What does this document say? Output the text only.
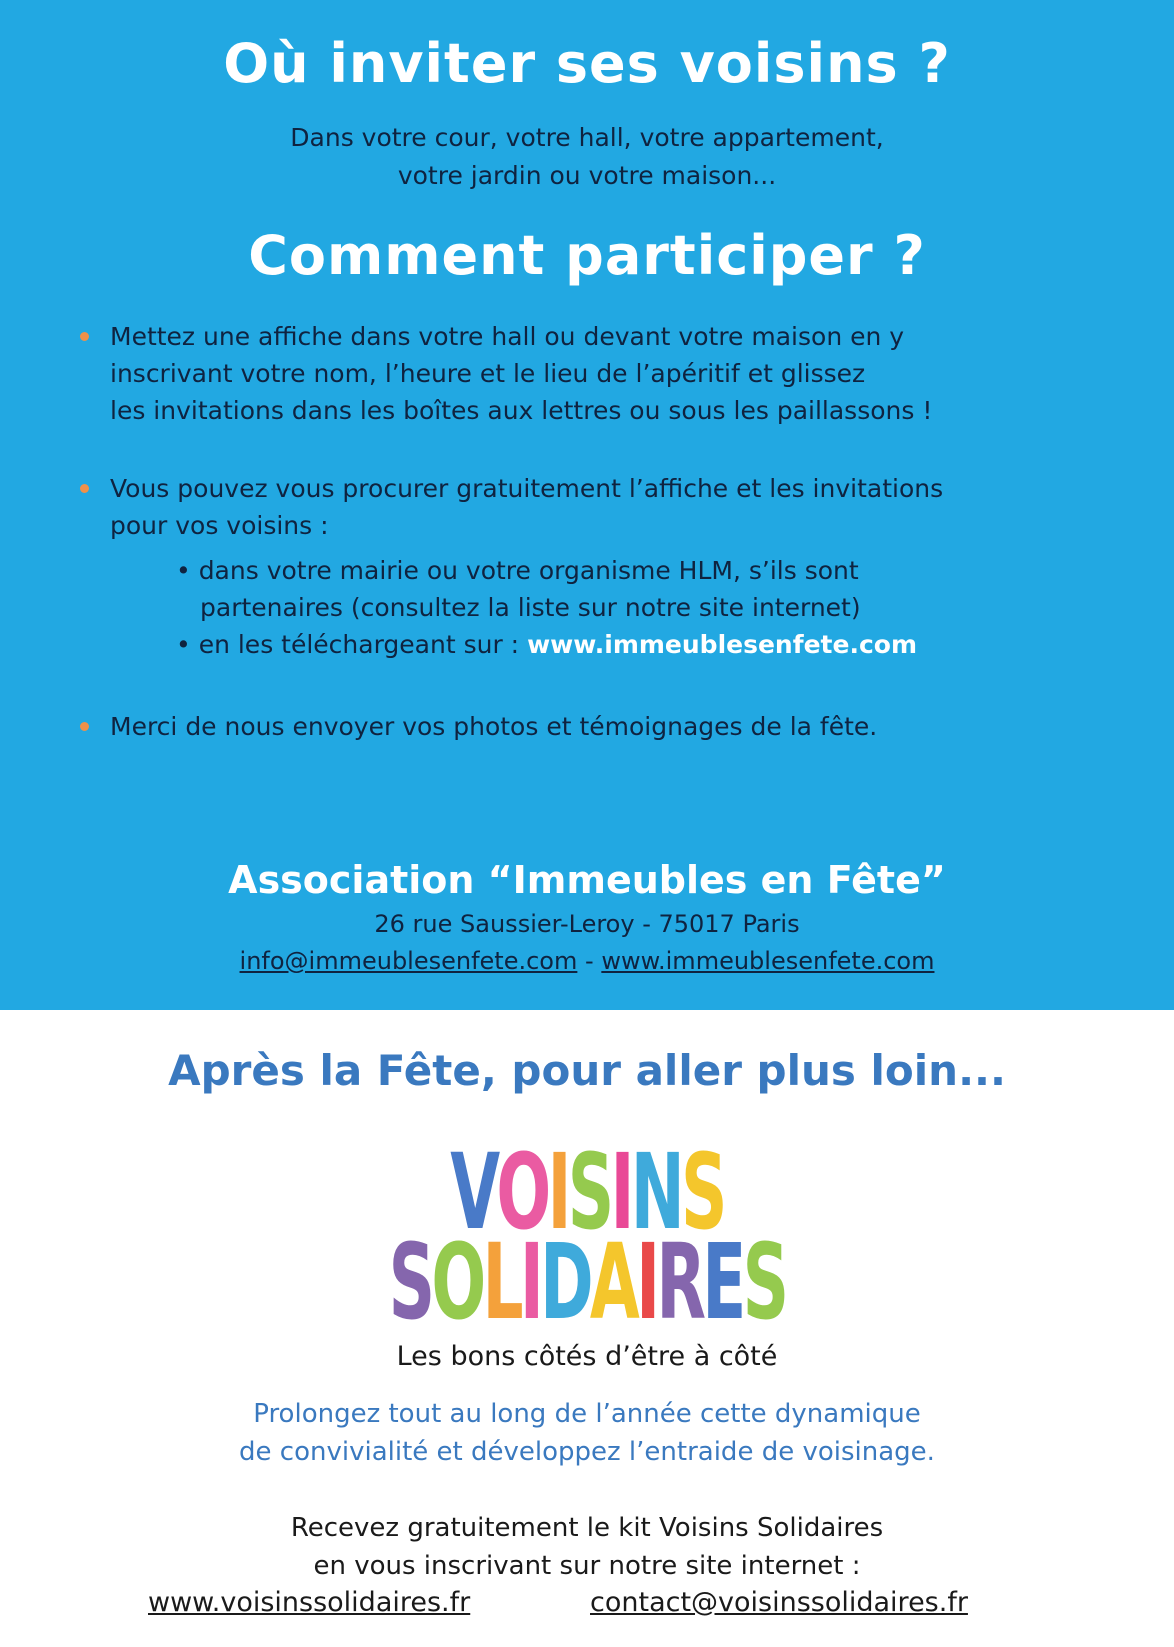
Où inviter ses voisins ?
Dans votre cour, votre hall, votre appartement,
votre jardin ou votre maison...
Comment participer ?
Mettez une affiche dans votre hall ou devant votre maison en y
inscrivant votre nom, l’heure et le lieu de l’apéritif et glissez
les invitations dans les boîtes aux lettres ou sous les paillassons !
Vous pouvez vous procurer gratuitement l’affiche et les invitations
pour vos voisins :
• dans votre mairie ou votre organisme HLM, s’ils sont
partenaires (consultez la liste sur notre site internet)
• en les téléchargeant sur : www.immeublesenfete.com
Merci de nous envoyer vos photos et témoignages de la fête.
Association “Immeubles en Fête”
26 rue Saussier-Leroy - 75017 Paris
info@immeublesenfete.com - www.immeublesenfete.com
Après la Fête, pour aller plus loin...
VOISINS
SOLIDAIRES
Les bons côtés d’être à côté
Prolongez tout au long de l’année cette dynamique
de convivialité et développez l’entraide de voisinage.
Recevez gratuitement le kit Voisins Solidaires
en vous inscrivant sur notre site internet :
www.voisinssolidaires.fr	contact@voisinssolidaires.fr
